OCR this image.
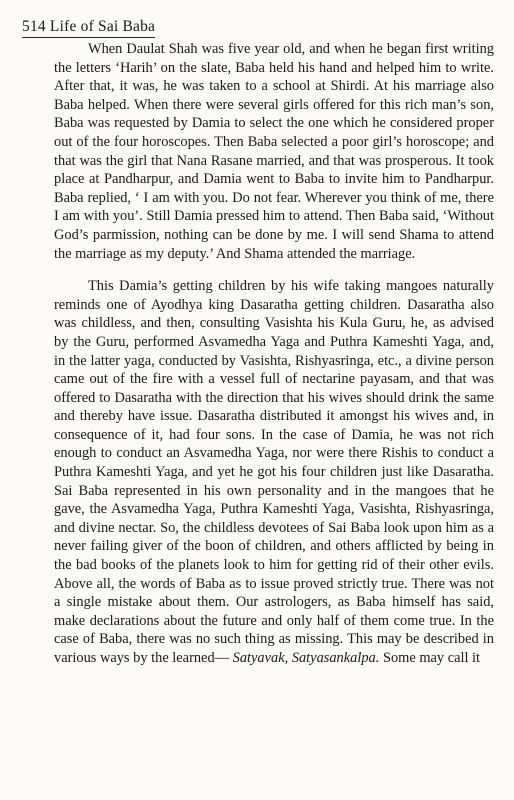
514 Life of Sai Baba

When Daulat Shah was five year old, and when he began first writing the letters ‘Harih’ on the slate, Baba held his hand and helped him to write. After that, it was, he was taken to a school at Shirdi. At his marriage also Baba helped. When there were several girls offered for this rich man’s son, Baba was requested by Damia to select the one which he considered proper out of the four horoscopes. Then Baba selected a poor girl’s horoscope; and that was the girl that Nana Rasane married, and that was prosperous. It took place at Pandharpur, and Damia went to Baba to invite him to Pandharpur. Baba replied, ‘ I am with you. Do not fear. Wherever you think of me, there I am with you’. Still Damia pressed him to attend. Then Baba said, ‘Without God’s parmission, nothing can be done by me. I will send Shama to attend the marriage as my deputy.’ And Shama attended the marriage.

This Damia’s getting children by his wife taking mangoes naturally reminds one of Ayodhya king Dasaratha getting children. Dasaratha also was childless, and then, consulting Vasishta his Kula Guru, he, as advised by the Guru, performed Asvamedha Yaga and Puthra Kameshti Yaga, and, in the latter yaga, conducted by Vasishta, Rishyasringa, etc., a divine person came out of the fire with a vessel full of nectarine payasam, and that was offered to Dasaratha with the direction that his wives should drink the same and thereby have issue. Dasaratha distributed it amongst his wives and, in consequence of it, had four sons. In the case of Damia, he was not rich enough to conduct an Asvamedha Yaga, nor were there Rishis to conduct a Puthra Kameshti Yaga, and yet he got his four children just like Dasaratha. Sai Baba represented in his own personality and in the mangoes that he gave, the Asvamedha Yaga, Puthra Kameshti Yaga, Vasishta, Rishyasringa, and divine nectar. So, the childless devotees of Sai Baba look upon him as a never failing giver of the boon of children, and others afflicted by being in the bad books of the planets look to him for getting rid of their other evils. Above all, the words of Baba as to issue proved strictly true. There was not a single mistake about them. Our astrologers, as Baba himself has said, make declarations about the future and only half of them come true. In the case of Baba, there was no such thing as missing. This may be described in various ways by the learned— Satyavak, Satyasankalpa. Some may call it
